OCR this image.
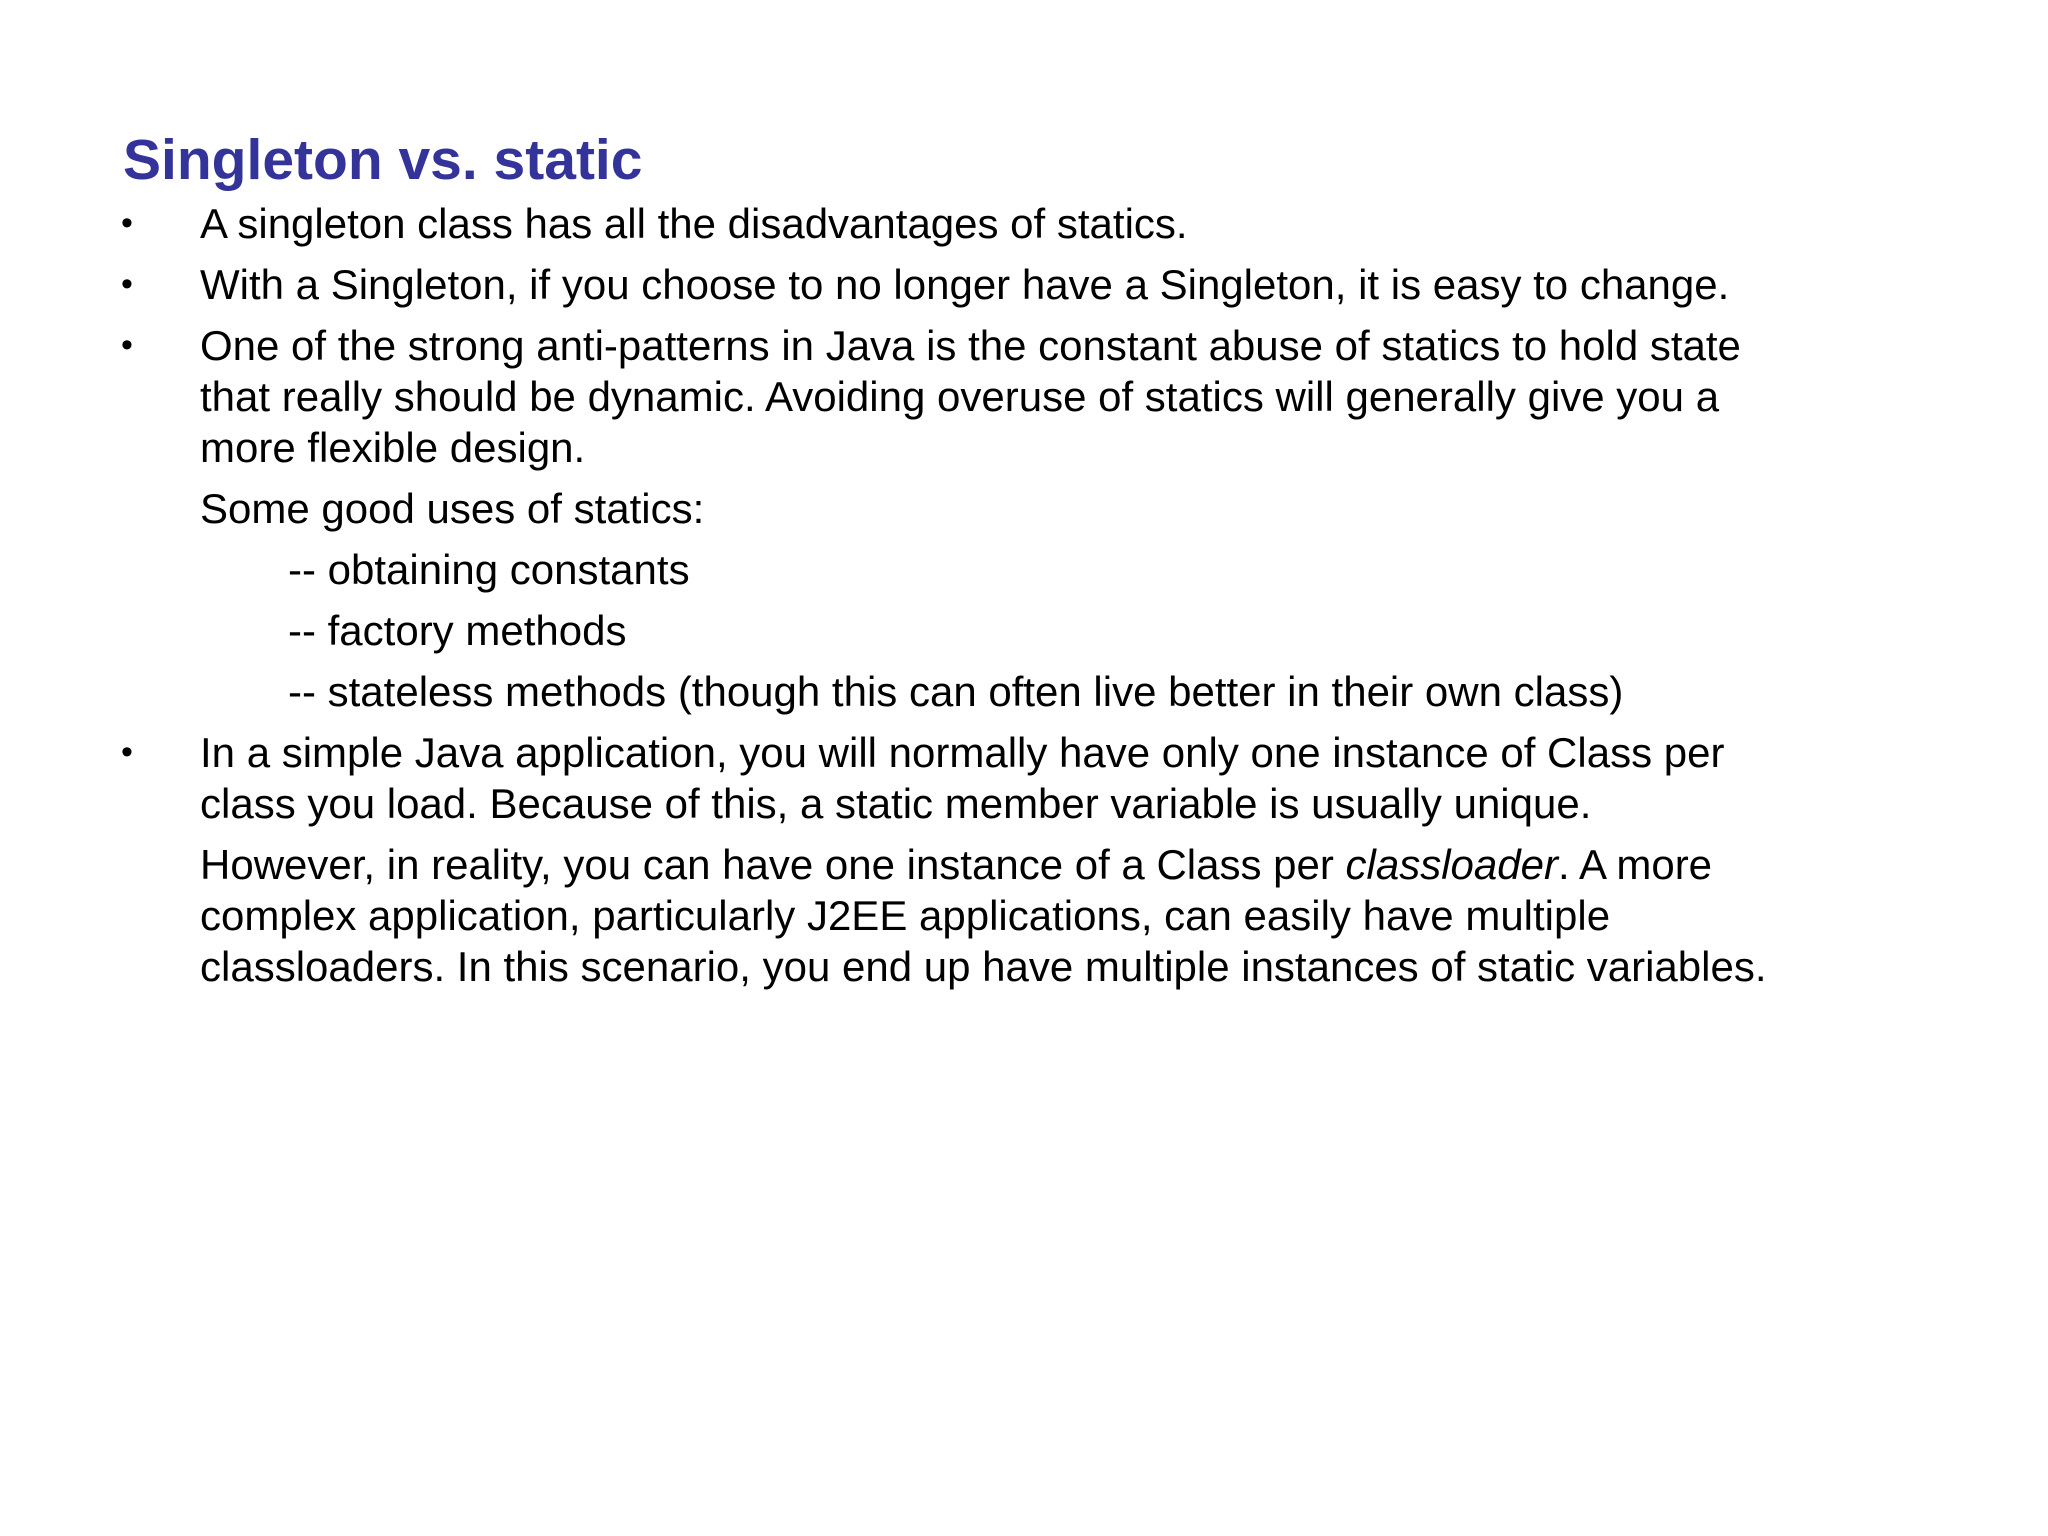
Singleton vs. static
• A singleton class has all the disadvantages of statics.
• With a Singleton, if you choose to no longer have a Singleton, it is easy to change.
• One of the strong anti-patterns in Java is the constant abuse of statics to hold state
that really should be dynamic. Avoiding overuse of statics will generally give you a
more flexible design.
Some good uses of statics:
-- obtaining constants
-- factory methods
-- stateless methods (though this can often live better in their own class)
• In a simple Java application, you will normally have only one instance of Class per
class you load. Because of this, a static member variable is usually unique.
However, in reality, you can have one instance of a Class per classloader. A more
complex application, particularly J2EE applications, can easily have multiple
classloaders. In this scenario, you end up have multiple instances of static variables.
